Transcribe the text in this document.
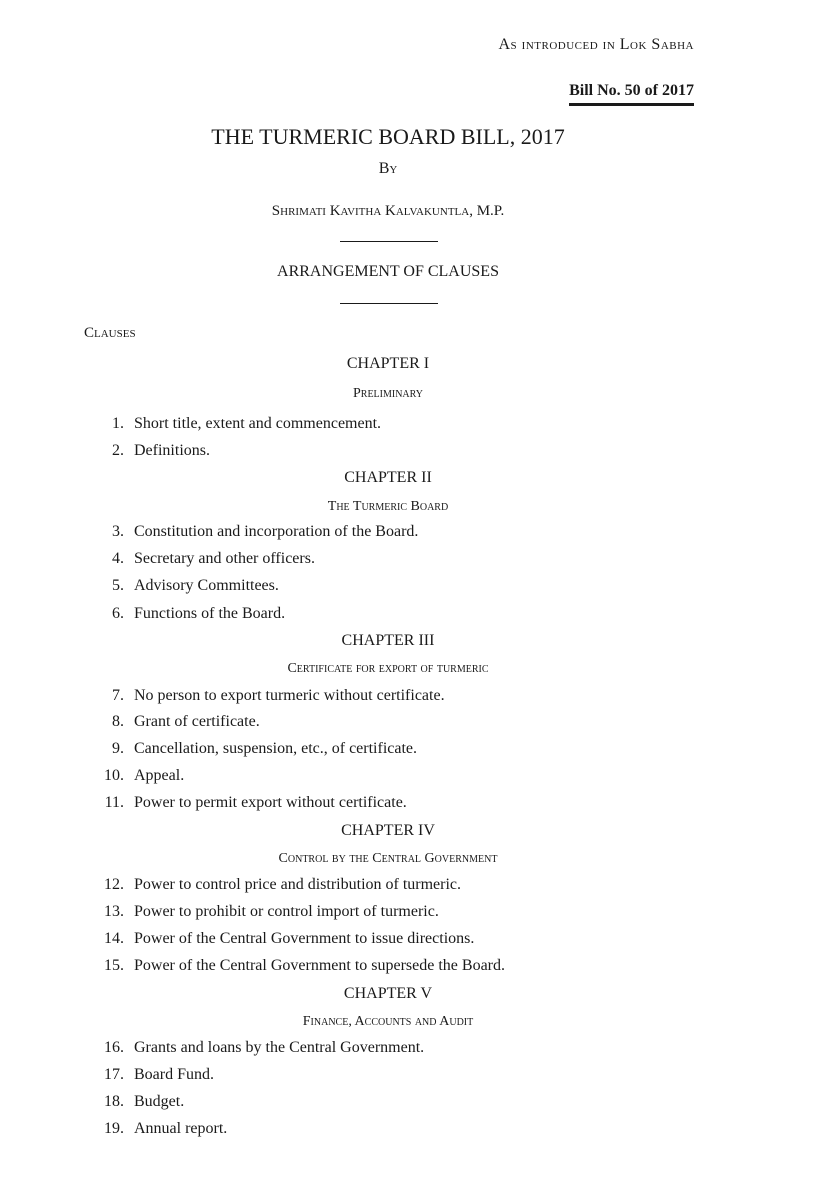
As introduced in Lok Sabha
Bill No. 50 of 2017
THE TURMERIC BOARD BILL, 2017
By
Shrimati Kavitha Kalvakuntla, M.P.
ARRANGEMENT OF CLAUSES
Clauses
CHAPTER I
Preliminary
1. Short title, extent and commencement.
2. Definitions.
CHAPTER II
The Turmeric Board
3. Constitution and incorporation of the Board.
4. Secretary and other officers.
5. Advisory Committees.
6. Functions of the Board.
CHAPTER III
Certificate for export of turmeric
7. No person to export turmeric without certificate.
8. Grant of certificate.
9. Cancellation, suspension, etc., of certificate.
10. Appeal.
11. Power to permit export without certificate.
CHAPTER IV
Control by the Central Government
12. Power to control price and distribution of turmeric.
13. Power to prohibit or control import of turmeric.
14. Power of the Central Government to issue directions.
15. Power of the Central Government to supersede the Board.
CHAPTER V
Finance, Accounts and Audit
16. Grants and loans by the Central Government.
17. Board Fund.
18. Budget.
19. Annual report.
